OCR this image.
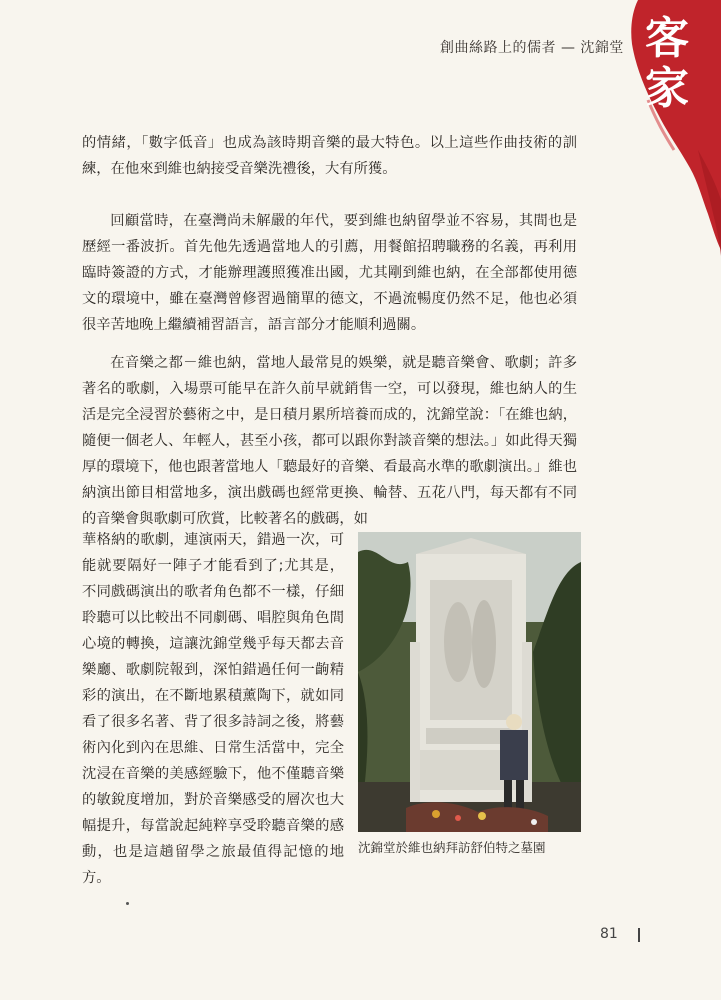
客
家
創曲絲路上的儒者 — 沈錦堂
的情緒，「數字低音」也成為該時期音樂的最大特色。以上這些作曲技術的訓練，在他來到維也納接受音樂洗禮後，大有所獲。
回顧當時，在臺灣尚未解嚴的年代，要到維也納留學並不容易，其間也是歷經一番波折。首先他先透過當地人的引薦，用餐館招聘職務的名義，再利用臨時簽證的方式，才能辦理護照獲准出國，尤其剛到維也納，在全部都使用德文的環境中，雖在臺灣曾修習過簡單的德文，不過流暢度仍然不足，他也必須很辛苦地晚上繼續補習語言，語言部分才能順利過關。
在音樂之都－維也納，當地人最常見的娛樂，就是聽音樂會、歌劇；許多著名的歌劇，入場票可能早在許久前早就銷售一空，可以發現，維也納人的生活是完全浸習於藝術之中，是日積月累所培養而成的，沈錦堂說：「在維也納，隨便一個老人、年輕人，甚至小孩，都可以跟你對談音樂的想法。」如此得天獨厚的環境下，他也跟著當地人「聽最好的音樂、看最高水準的歌劇演出。」維也納演出節目相當地多，演出戲碼也經常更換、輪替、五花八門，每天都有不同的音樂會與歌劇可欣賞，比較著名的戲碼，如
華格納的歌劇，連演兩天，錯過一次，可能就要隔好一陣子才能看到了;尤其是，不同戲碼演出的歌者角色都不一樣，仔細聆聽可以比較出不同劇碼、唱腔與角色間心境的轉換，這讓沈錦堂幾乎每天都去音樂廳、歌劇院報到，深怕錯過任何一齣精彩的演出，在不斷地累積薰陶下，就如同看了很多名著、背了很多詩詞之後，將藝術內化到內在思維、日常生活當中，完全沈浸在音樂的美感經驗下，他不僅聽音樂的敏銳度增加，對於音樂感受的層次也大幅提升，每當說起純粹享受聆聽音樂的感動，也是這趟留學之旅最值得記憶的地方。
沈錦堂於維也納拜訪舒伯特之墓園
81
